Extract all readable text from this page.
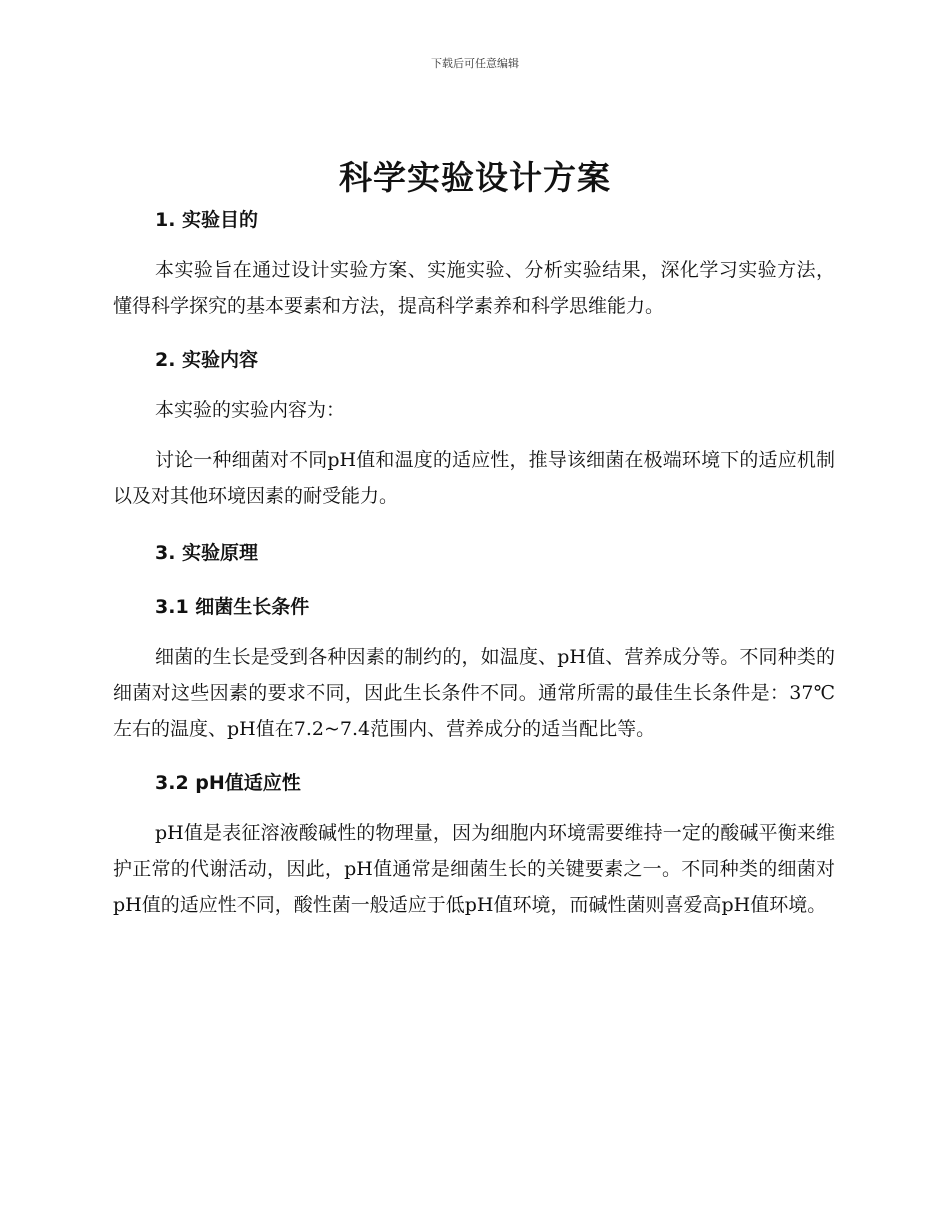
下载后可任意编辑
科学实验设计方案
1. 实验目的

本实验旨在通过设计实验方案、实施实验、分析实验结果，深化学习实验方法，懂得科学探究的基本要素和方法，提高科学素养和科学思维能力。

2. 实验内容

本实验的实验内容为：

讨论一种细菌对不同pH值和温度的适应性，推导该细菌在极端环境下的适应机制以及对其他环境因素的耐受能力。

3. 实验原理
3.1 细菌生长条件

细菌的生长是受到各种因素的制约的，如温度、pH值、营养成分等。不同种类的细菌对这些因素的要求不同，因此生长条件不同。通常所需的最佳生长条件是：37℃左右的温度、pH值在7.2~7.4范围内、营养成分的适当配比等。

3.2 pH值适应性

pH值是表征溶液酸碱性的物理量，因为细胞内环境需要维持一定的酸碱平衡来维护正常的代谢活动，因此，pH值通常是细菌生长的关键要素之一。不同种类的细菌对pH值的适应性不同，酸性菌一般适应于低pH值环境，而碱性菌则喜爱高pH值环境。
